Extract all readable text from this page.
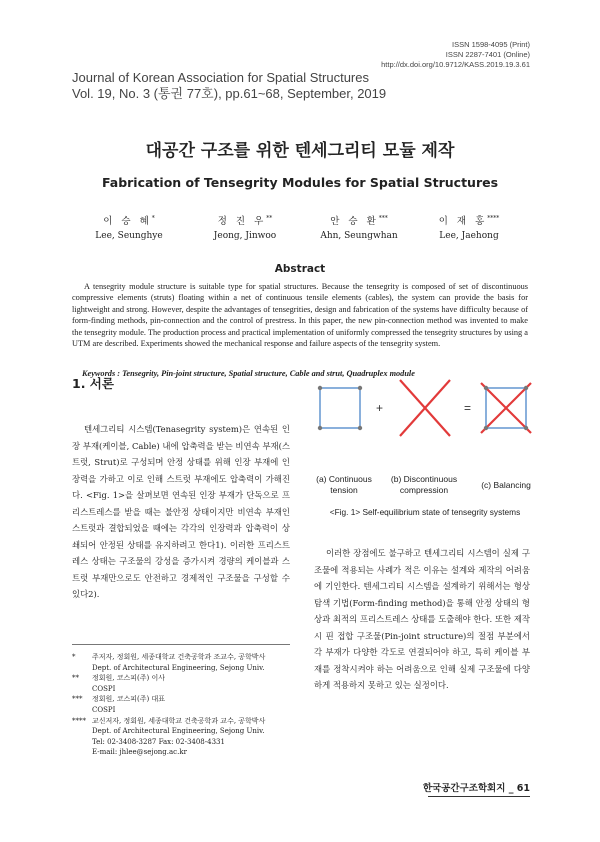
ISSN 1598-4095 (Print)
ISSN 2287-7401 (Online)
http://dx.doi.org/10.9712/KASS.2019.19.3.61
Journal of Korean Association for Spatial Structures
Vol. 19, No. 3 (통권 77호), pp.61~68, September, 2019
대공간 구조를 위한 텐세그리티 모듈 제작
Fabrication of Tensegrity Modules for Spatial Structures
이 승 혜*
Lee, Seunghye
정 진 우**
Jeong, Jinwoo
안 승 환***
Ahn, Seungwhan
이 재 홍****
Lee, Jaehong
Abstract

A tensegrity module structure is suitable type for spatial structures. Because the tensegrity is composed of set of discontinuous compressive elements (struts) floating within a net of continuous tensile elements (cables), the system can provide the basis for lightweight and strong. However, despite the advantages of tensegrities, design and fabrication of the systems have difficulty because of form-finding methods, pin-connection and the control of prestress. In this paper, the new pin-connection method was invented to make the tensegrity module. The production process and practical implementation of uniformly compressed the tensegrity structures by using a UTM are described. Experiments showed the mechanical response and failure aspects of the tensegrity system.

Keywords : Tensegrity, Pin-joint structure, Spatial structure, Cable and strut, Quadruplex module
1. 서론

텐세그리티 시스템(Tenasegrity system)은 연속된 인장 부재(케이블, Cable) 내에 압축력을 받는 비연속 부재(스트럿, Strut)로 구성되며 안정 상태를 위해 인장 부재에 인장력을 가하고 이로 인해 스트럿 부재에도 압축력이 가해진다. <Fig. 1>을 살펴보면 연속된 인장 부재가 단독으로 프리스트레스를 받을 때는 불안정 상태이지만 비연속 부재인 스트럿과 결합되었을 때에는 각각의 인장력과 압축력이 상쇄되어 안정된 상태를 유지하려고 한다1). 이러한 프리스트레스 상태는 구조물의 강성을 증가시켜 경량의 케이블과 스트럿 부재만으로도 안전하고 경제적인 구조물을 구성할 수 있다2).

+	=
(a) Continuous tension
(b) Discontinuous compression	(c) Balancing
<Fig. 1> Self-equilibrium state of tensegrity systems

이러한 장점에도 불구하고 텐세그리티 시스템이 실제 구조물에 적용되는 사례가 적은 이유는 설계와 제작의 어려움에 기인한다. 텐세그리티 시스템을 설계하기 위해서는 형상 탐색 기법(Form-finding method)을 통해 안정 상태의 형상과 최적의 프리스트레스 상태를 도출해야 한다. 또한 제작 시 핀 접합 구조물(Pin-joint structure)의 절점 부분에서 각 부재가 다양한 각도로 연결되어야 하고, 특히 케이블 부재를 정착시켜야 하는 어려움으로 인해 실제 구조물에 다양하게 적용하지 못하고 있는 실정이다.

*	주저자, 정회원, 세종대학교 건축공학과 조교수, 공학박사
Dept. of Architectural Engineering, Sejong Univ.
**	정회원, 코스피(주) 이사
COSPI
***	정회원, 코스피(주) 대표
COSPI
**** 교신저자, 정회원, 세종대학교 건축공학과 교수, 공학박사
Dept. of Architectural Engineering, Sejong Univ.
Tel: 02-3408-3287 Fax: 02-3408-4331
E-mail: jhlee@sejong.ac.kr
한국공간구조학회지 _ 61
